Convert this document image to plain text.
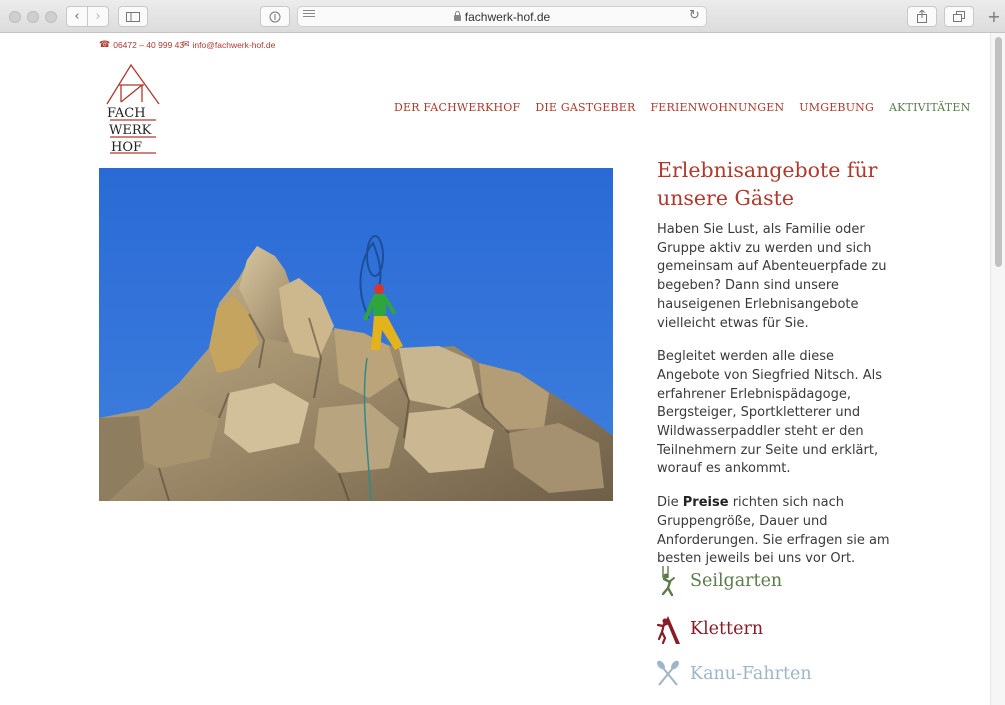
‹ ›	fachwerk-hof.de	↻	+
☎ 06472 – 40 999 43
✉ info@fachwerk-hof.de
FACH
WERK
HOF
DER FACHWERKHOF DIE GASTGEBER FERIENWOHNUNGEN UMGEBUNG AKTIVITÄTEN
Erlebnisangebote für unsere Gäste

Haben Sie Lust, als Familie oder Gruppe aktiv zu werden und sich gemeinsam auf Abenteuerpfade zu begeben? Dann sind unsere hauseigenen Erlebnisangebote vielleicht etwas für Sie.

Begleitet werden alle diese Angebote von Siegfried Nitsch. Als erfahrener Erlebnispädagoge, Bergsteiger, Sportkletterer und Wildwasserpaddler steht er den Teilnehmern zur Seite und erklärt, worauf es ankommt.

Die Preise richten sich nach Gruppengröße, Dauer und Anforderungen. Sie erfragen sie am besten jeweils bei uns vor Ort.

Seilgarten
Klettern
Kanu-Fahrten
